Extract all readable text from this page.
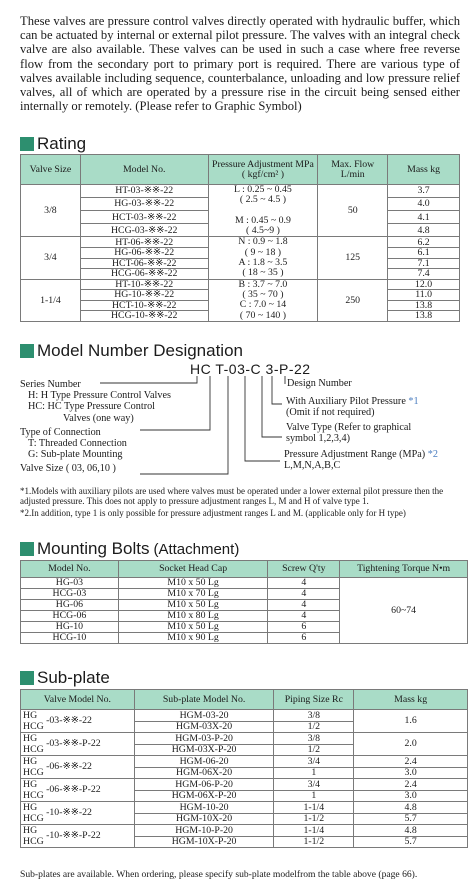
These valves are pressure control valves directly operated with hydraulic buffer, which can be actuated by internal or external pilot pressure. The valves with an integral check valve are also available. These valves can be used in such a case where free reverse flow from the secondary port to primary port is required. There are various type of valves available including sequence, counterbalance, unloading and low pressure relief valves, all of which are operated by a pressure rise in the circuit being sensed either internally or remotely. (Please refer to Graphic Symbol)
Rating
Valve Size	Model No.	Pressure Adjustment MPa ( kgf/cm² )	Max. Flow L/min	Mass kg
3/8	HT-03-※※-22	L : 0.25 ~ 0.45
( 2.5 ~ 4.5 )

M : 0.45 ~ 0.9
( 4.5~9 )	50	3.7
	HG-03-※※-22			4.0
	HCT-03-※※-22			4.1
	HCG-03-※※-22			4.8
3/4	HT-06-※※-22	N : 0.9 ~ 1.8
( 9 ~ 18 )
A : 1.8 ~ 3.5
( 18 ~ 35 )	125	6.2
	HG-06-※※-22			6.1
	HCT-06-※※-22			7.1
	HCG-06-※※-22			7.4
1-1/4	HT-10-※※-22	B : 3.7 ~ 7.0
( 35 ~ 70 )
C : 7.0 ~ 14
( 70 ~ 140 )	250	12.0
	HG-10-※※-22			11.0
	HCT-10-※※-22			13.8
	HCG-10-※※-22			13.8
Model Number Designation
HC T-03-C 3-P-22
Series Number
H: H Type Pressure Control Valves
HC: HC Type Pressure Control
Valves (one way)
Type of Connection
T: Threaded Connection
G: Sub-plate Mounting
Valve Size ( 03, 06,10 )
Design Number
With Auxiliary Pilot Pressure *1
(Omit if not required)
Valve Type (Refer to graphical
symbol 1,2,3,4)
Pressure Adjustment Range (MPa) *2
L,M,N,A,B,C
*1.Models with auxiliary pilots are used where valves must be operated under a lower external pilot pressure then the adjusted pressure. This does not apply to pressure adjustment ranges L, M and H of valve type 1.
*2.In addition, type 1 is only possible for pressure adjustment ranges L and M. (applicable only for H type)
Mounting Bolts
(Attachment)
Model No.	Socket Head Cap	Screw Q'ty	Tightening Torque N•m
HG-03	M10 x 50 Lg	4	60~74
HCG-03	M10 x 70 Lg	4	
HG-06	M10 x 50 Lg	4	
HCG-06	M10 x 80 Lg	4	
HG-10	M10 x 50 Lg	6	
HCG-10	M10 x 90 Lg	6	
Sub-plate
Valve Model No.	Sub-plate Model No.	Piping Size Rc	Mass kg
HG
HCG -03-※※-22	HGM-03-20	3/8	1.6
	HGM-03X-20	1/2	
HG
HCG -03-※※-P-22	HGM-03-P-20	3/8	2.0
	HGM-03X-P-20	1/2	
HG
HCG -06-※※-22	HGM-06-20	3/4	2.4
	HGM-06X-20	1	3.0
HG
HCG -06-※※-P-22	HGM-06-P-20	3/4	2.4
	HGM-06X-P-20	1	3.0
HG
HCG -10-※※-22	HGM-10-20	1-1/4	4.8
	HGM-10X-20	1-1/2	5.7
HG
HCG -10-※※-P-22	HGM-10-P-20	1-1/4	4.8
	HGM-10X-P-20	1-1/2	5.7
Sub-plates are available. When ordering, please specify sub-plate modelfrom the table above (page 66).
